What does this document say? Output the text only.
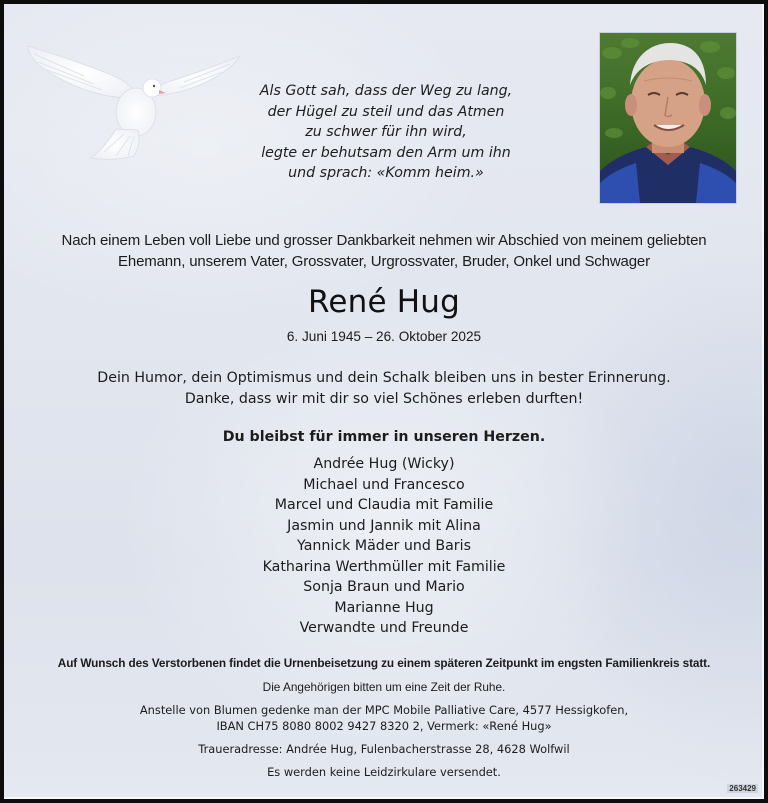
Als Gott sah, dass der Weg zu lang,
der Hügel zu steil und das Atmen
zu schwer für ihn wird,
legte er behutsam den Arm um ihn
und sprach: «Komm heim.»
Nach einem Leben voll Liebe und grosser Dankbarkeit nehmen wir Abschied von meinem geliebten
Ehemann, unserem Vater, Grossvater, Urgrossvater, Bruder, Onkel und Schwager
René Hug
6. Juni 1945 – 26. Oktober 2025
Dein Humor, dein Optimismus und dein Schalk bleiben uns in bester Erinnerung.
Danke, dass wir mit dir so viel Schönes erleben durften!
Du bleibst für immer in unseren Herzen.
Andrée Hug (Wicky)
Michael und Francesco
Marcel und Claudia mit Familie
Jasmin und Jannik mit Alina
Yannick Mäder und Baris
Katharina Werthmüller mit Familie
Sonja Braun und Mario
Marianne Hug
Verwandte und Freunde
Auf Wunsch des Verstorbenen findet die Urnenbeisetzung zu einem späteren Zeitpunkt im engsten Familienkreis statt.
Die Angehörigen bitten um eine Zeit der Ruhe.
Anstelle von Blumen gedenke man der MPC Mobile Palliative Care, 4577 Hessigkofen,
IBAN CH75 8080 8002 9427 8320 2, Vermerk: «René Hug»
Traueradresse: Andrée Hug, Fulenbacherstrasse 28, 4628 Wolfwil
Es werden keine Leidzirkulare versendet.
263429
